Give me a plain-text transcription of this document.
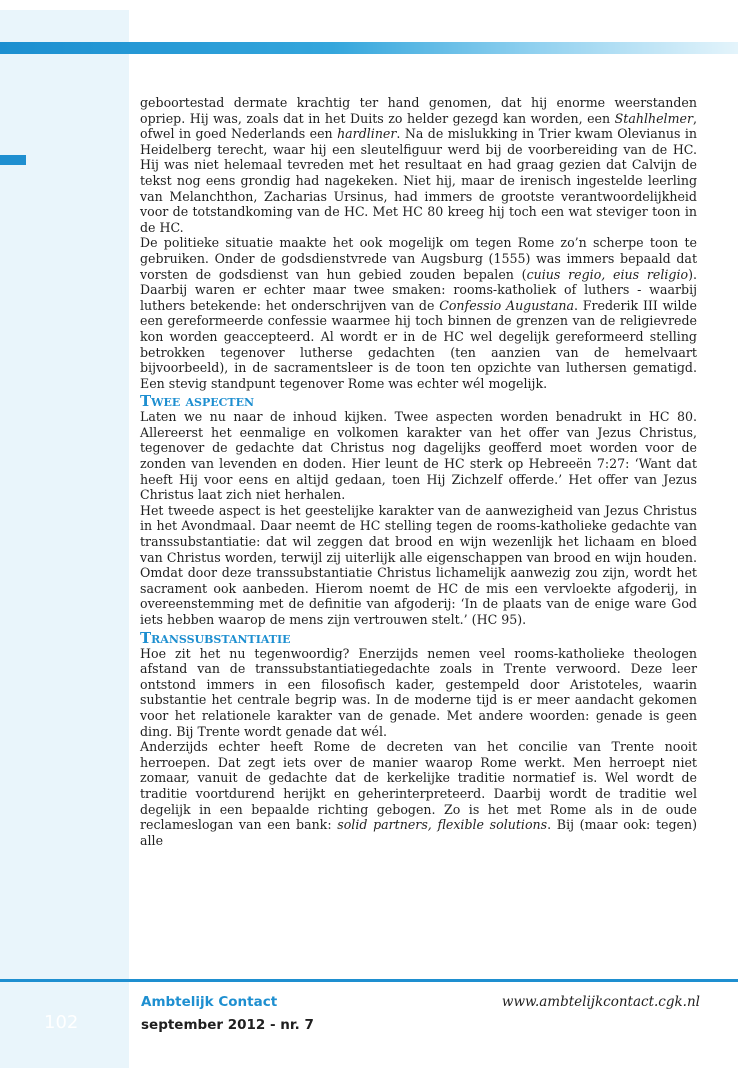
geboortestad dermate krachtig ter hand genomen, dat hij enorme weerstanden opriep. Hij was, zoals dat in het Duits zo helder gezegd kan worden, een Stahlhelmer, ofwel in goed Nederlands een hardliner. Na de mislukking in Trier kwam Olevianus in Heidelberg terecht, waar hij een sleutelfiguur werd bij de voorbereiding van de HC. Hij was niet helemaal tevreden met het resultaat en had graag gezien dat Calvijn de tekst nog eens grondig had nagekeken. Niet hij, maar de irenisch ingestelde leerling van Melanchthon, Zacharias Ursinus, had immers de grootste verantwoordelijkheid voor de totstandkoming van de HC. Met HC 80 kreeg hij toch een wat steviger toon in de HC.

De politieke situatie maakte het ook mogelijk om tegen Rome zo’n scherpe toon te gebruiken. Onder de godsdienstvrede van Augsburg (1555) was immers bepaald dat vorsten de godsdienst van hun gebied zouden bepalen (cuius regio, eius religio). Daarbij waren er echter maar twee smaken: rooms-katholiek of luthers - waarbij luthers betekende: het onderschrijven van de Confessio Augustana. Frederik III wilde een gereformeerde confessie waarmee hij toch binnen de grenzen van de religievrede kon worden geaccepteerd. Al wordt er in de HC wel degelijk gereformeerd stelling betrokken tegenover lutherse gedachten (ten aanzien van de hemelvaart bijvoorbeeld), in de sacramentsleer is de toon ten opzichte van luthersen gematigd. Een stevig standpunt tegenover Rome was echter wél mogelijk.

Twee aspecten

Laten we nu naar de inhoud kijken. Twee aspecten worden benadrukt in HC 80. Allereerst het eenmalige en volkomen karakter van het offer van Jezus Christus, tegenover de gedachte dat Christus nog dagelijks geofferd moet worden voor de zonden van levenden en doden. Hier leunt de HC sterk op Hebreeën 7:27: ‘Want dat heeft Hij voor eens en altijd gedaan, toen Hij Zichzelf offerde.’ Het offer van Jezus Christus laat zich niet herhalen.

Het tweede aspect is het geestelijke karakter van de aanwezigheid van Jezus Christus in het Avondmaal. Daar neemt de HC stelling tegen de rooms-katholieke gedachte van transsubstantiatie: dat wil zeggen dat brood en wijn wezenlijk het lichaam en bloed van Christus worden, terwijl zij uiterlijk alle eigenschappen van brood en wijn houden. Omdat door deze transsubstantiatie Christus lichamelijk aanwezig zou zijn, wordt het sacrament ook aanbeden. Hierom noemt de HC de mis een vervloekte afgoderij, in overeenstemming met de definitie van afgoderij: ‘In de plaats van de enige ware God iets hebben waarop de mens zijn vertrouwen stelt.’ (HC 95).

Transsubstantiatie

Hoe zit het nu tegenwoordig? Enerzijds nemen veel rooms-katholieke theologen afstand van de transsubstantiatiegedachte zoals in Trente verwoord. Deze leer ontstond immers in een filosofisch kader, gestempeld door Aristoteles, waarin substantie het centrale begrip was. In de moderne tijd is er meer aandacht gekomen voor het relationele karakter van de genade. Met andere woorden: genade is geen ding. Bij Trente wordt genade dat wél.

Anderzijds echter heeft Rome de decreten van het concilie van Trente nooit herroepen. Dat zegt iets over de manier waarop Rome werkt. Men herroept niet zomaar, vanuit de gedachte dat de kerkelijke traditie normatief is. Wel wordt de traditie voortdurend herijkt en geherinterpreteerd. Daarbij wordt de traditie wel degelijk in een bepaalde richting gebogen. Zo is het met Rome als in de oude reclameslogan van een bank: solid partners, flexible solutions. Bij (maar ook: tegen) alle

Ambtelijk Contact
september 2012 - nr. 7
www.ambtelijkcontact.cgk.nl
102
